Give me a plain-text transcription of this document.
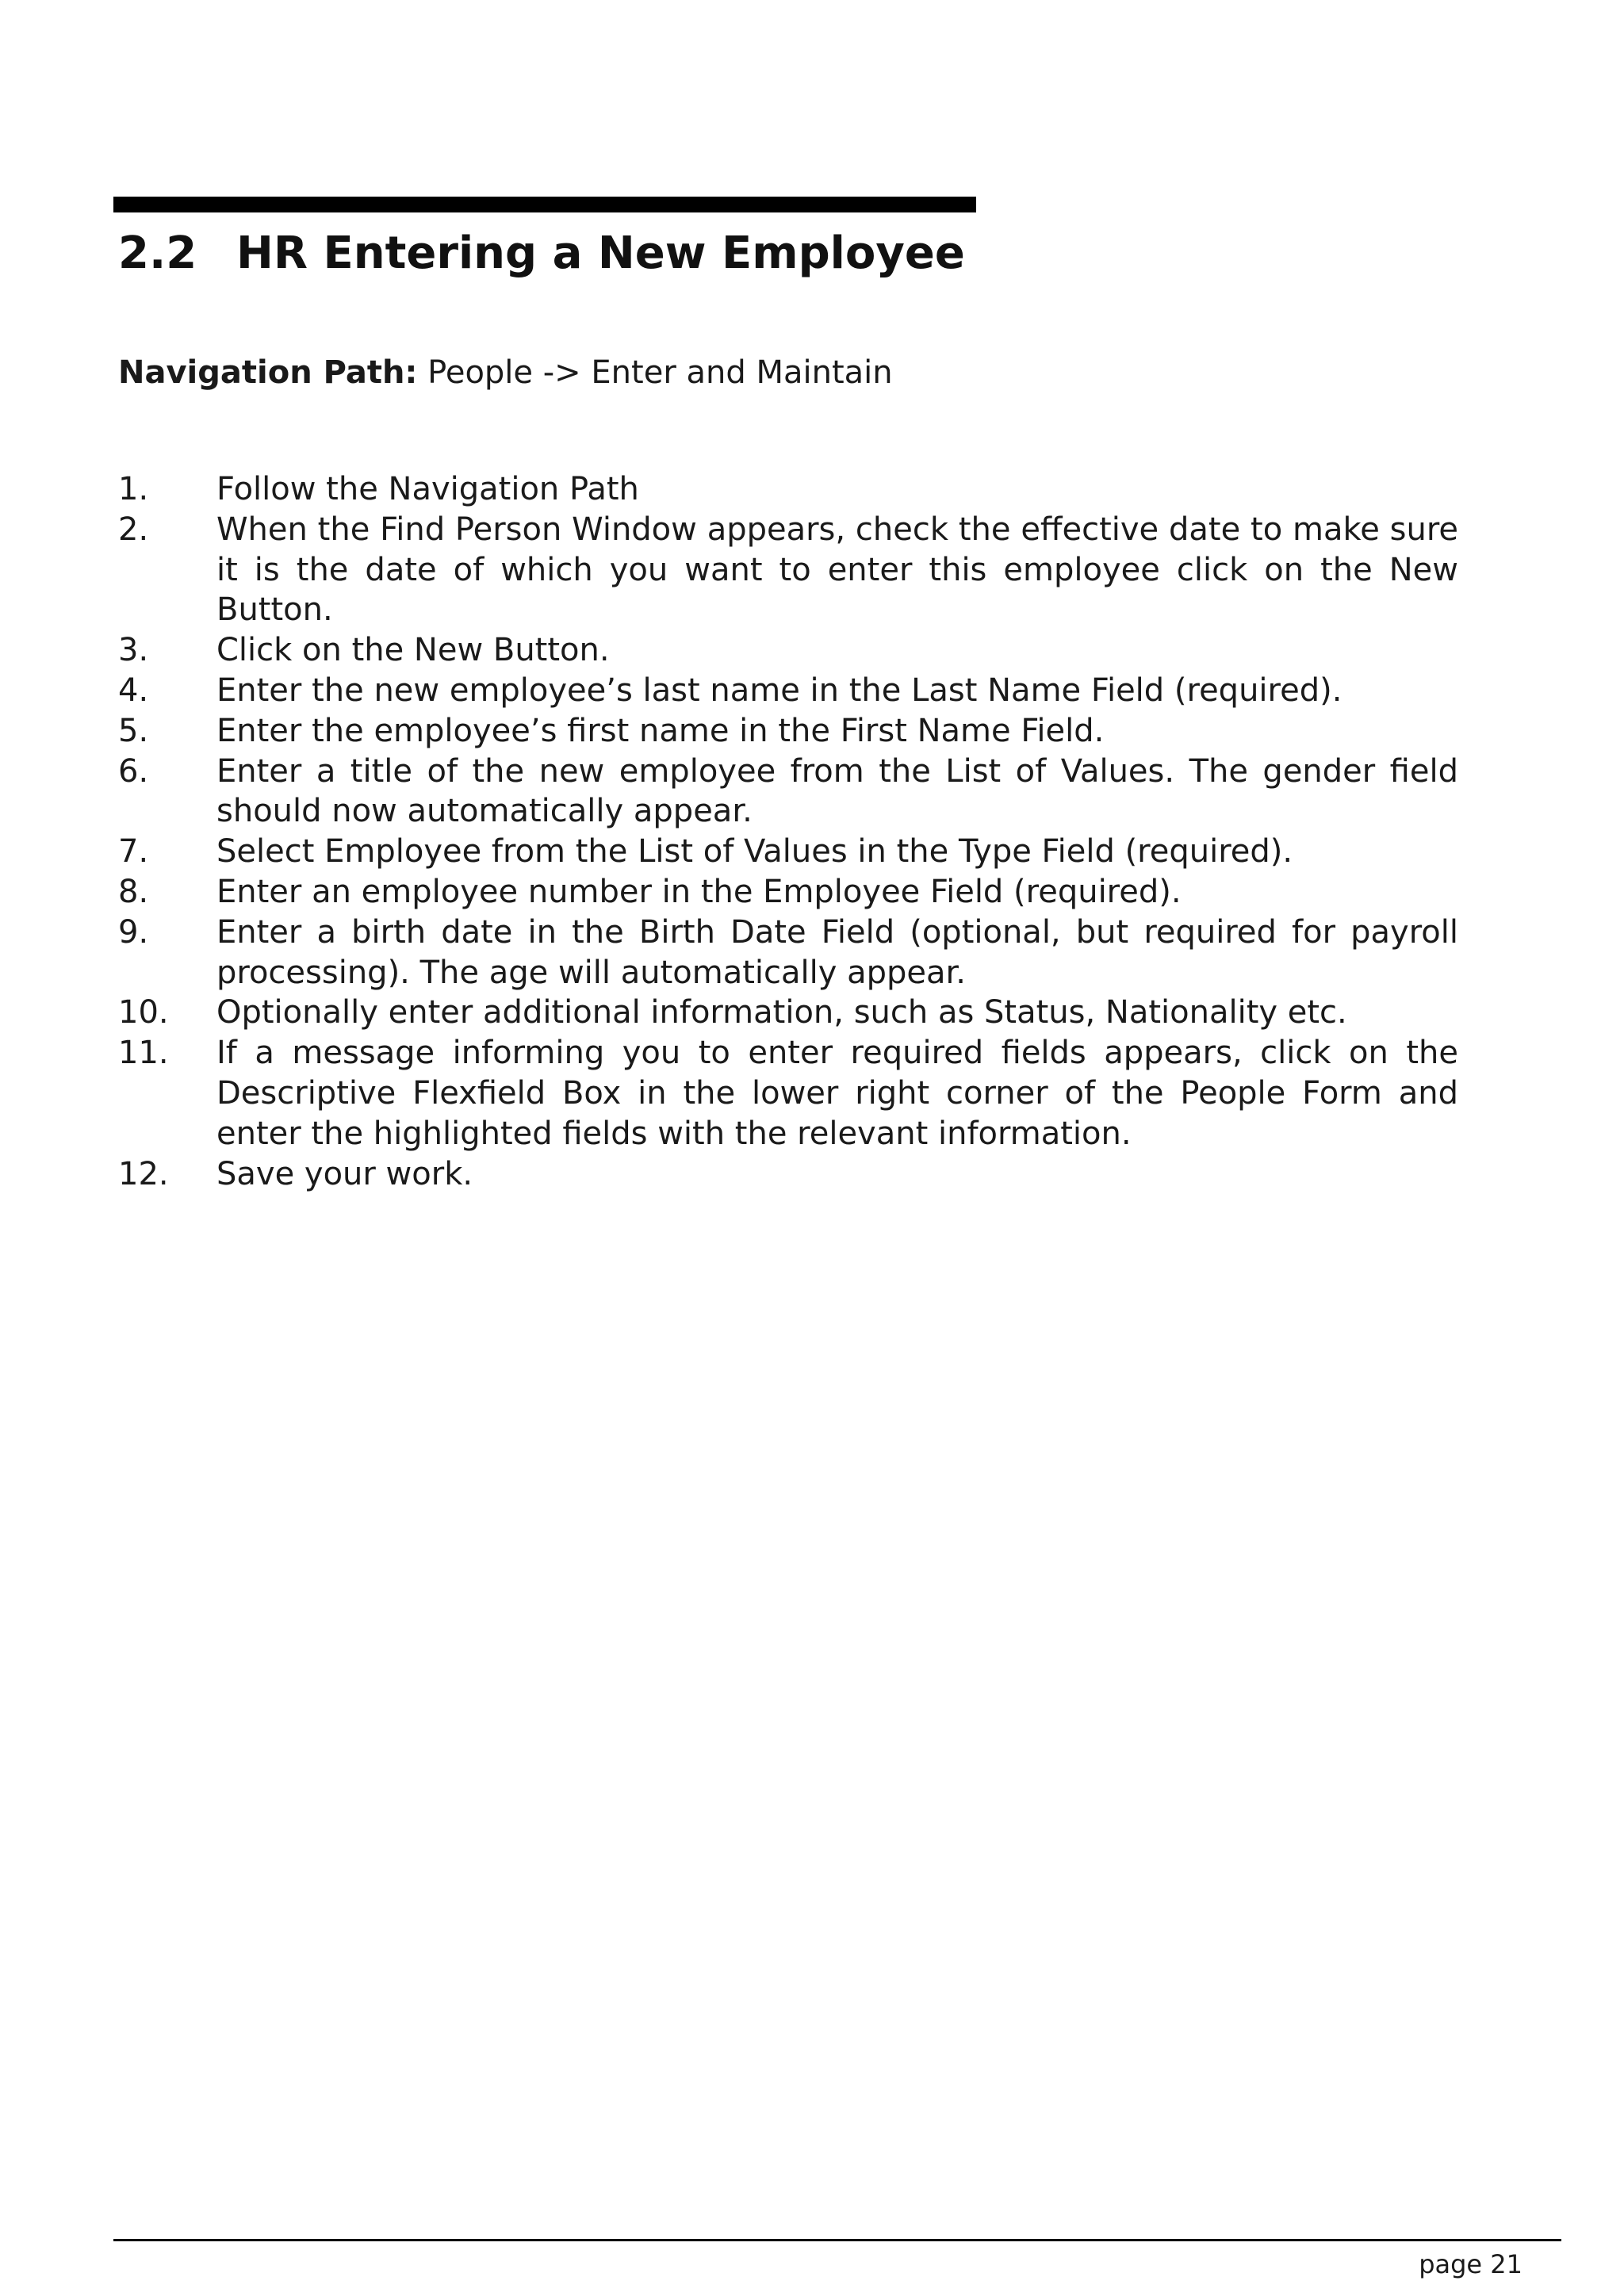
2.2 HR Entering a New Employee
Navigation Path: People -> Enter and Maintain
1.	Follow the Navigation Path
2.	When the Find Person Window appears, check the effective date to make sure it is the date of which you want to enter this employee click on the New Button.
3.	Click on the New Button.
4.	Enter the new employee’s last name in the Last Name Field (required).
5.	Enter the employee’s first name in the First Name Field.
6.	Enter a title of the new employee from the List of Values. The gender field should now automatically appear.
7.	Select Employee from the List of Values in the Type Field (required).
8.	Enter an employee number in the Employee Field (required).
9.	Enter a birth date in the Birth Date Field (optional, but required for payroll processing). The age will automatically appear.
10.	Optionally enter additional information, such as Status, Nationality etc.
11.	If a message informing you to enter required fields appears, click on the Descriptive Flexfield Box in the lower right corner of the People Form and enter the highlighted fields with the relevant information.
12.	Save your work.
page 21
